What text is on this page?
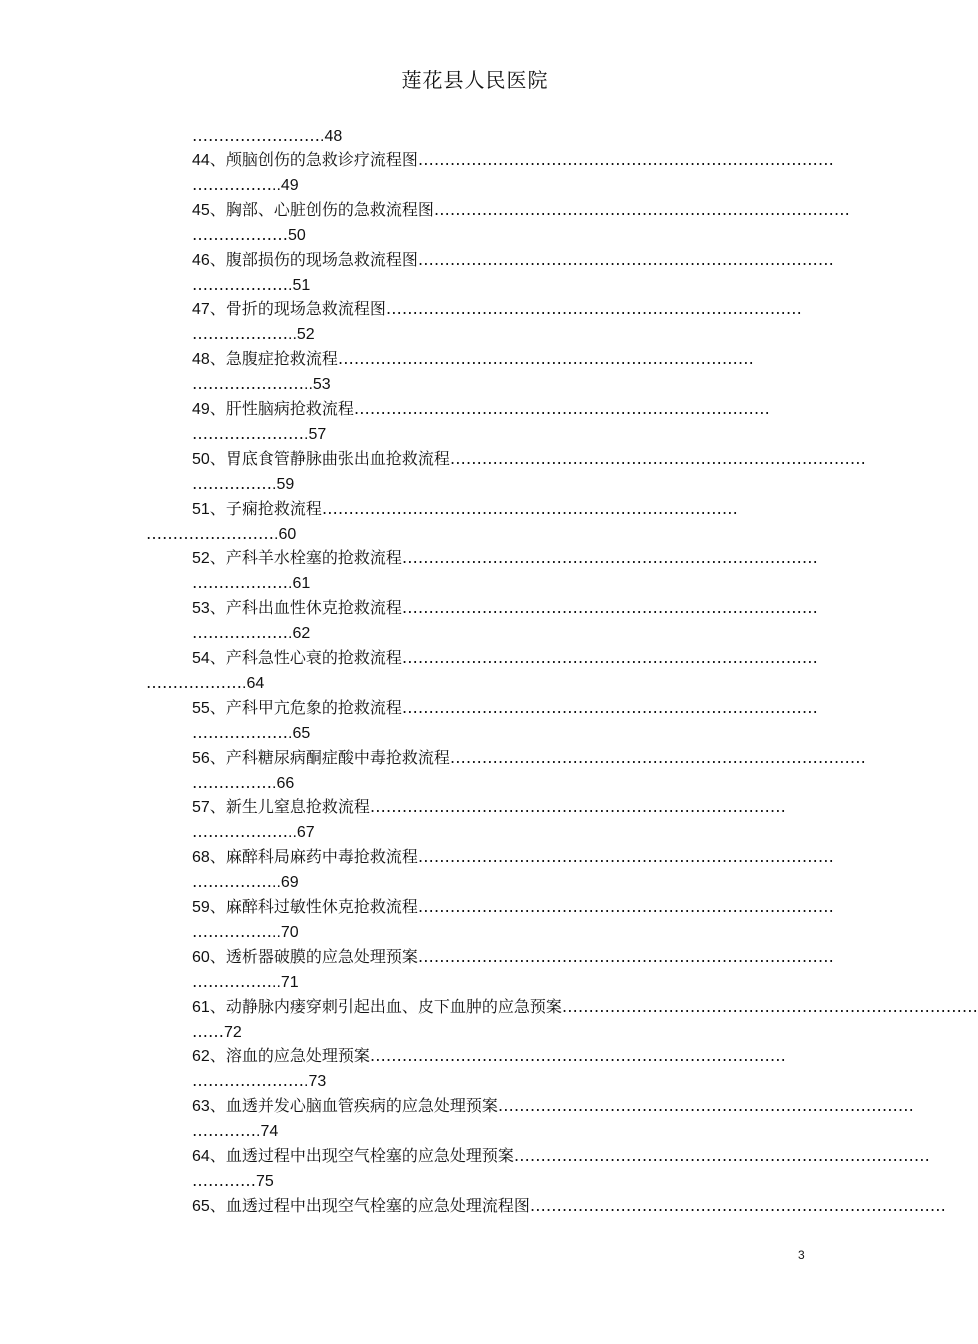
莲花县人民医院
…………………….48
44、颅脑创伤的急救诊疗流程图……………………………………………………………………
……………..49
45、胸部、心脏创伤的急救流程图……………………………………………………………………
………………50
46、腹部损伤的现场急救流程图……………………………………………………………………
……………….51
47、骨折的现场急救流程图……………………………………………………………………
………………..52
48、急腹症抢救流程……………………………………………………………………
…………………..53
49、肝性脑病抢救流程……………………………………………………………………
………………….57
50、胃底食管静脉曲张出血抢救流程……………………………………………………………………
…………….59
51、子痫抢救流程……………………………………………………………………
…………………….60
52、产科羊水栓塞的抢救流程……………………………………………………………………
……………….61
53、产科出血性休克抢救流程……………………………………………………………………
……………….62
54、产科急性心衰的抢救流程……………………………………………………………………
……………….64
55、产科甲亢危象的抢救流程……………………………………………………………………
……………….65
56、产科糖尿病酮症酸中毒抢救流程……………………………………………………………………
…………….66
57、新生儿窒息抢救流程……………………………………………………………………
………………..67
68、麻醉科局麻药中毒抢救流程……………………………………………………………………
……………..69
59、麻醉科过敏性休克抢救流程……………………………………………………………………
……………..70
60、透析器破膜的应急处理预案……………………………………………………………………
……………..71
61、动静脉内瘘穿刺引起出血、皮下血肿的应急预案……………………………………………………………………
……72
62、溶血的应急处理预案……………………………………………………………………
………………….73
63、血透并发心脑血管疾病的应急处理预案……………………………………………………………………
………….74
64、血透过程中出现空气栓塞的应急处理预案……………………………………………………………………
…………75
65、血透过程中出现空气栓塞的应急处理流程图……………………………………………………………………
3
